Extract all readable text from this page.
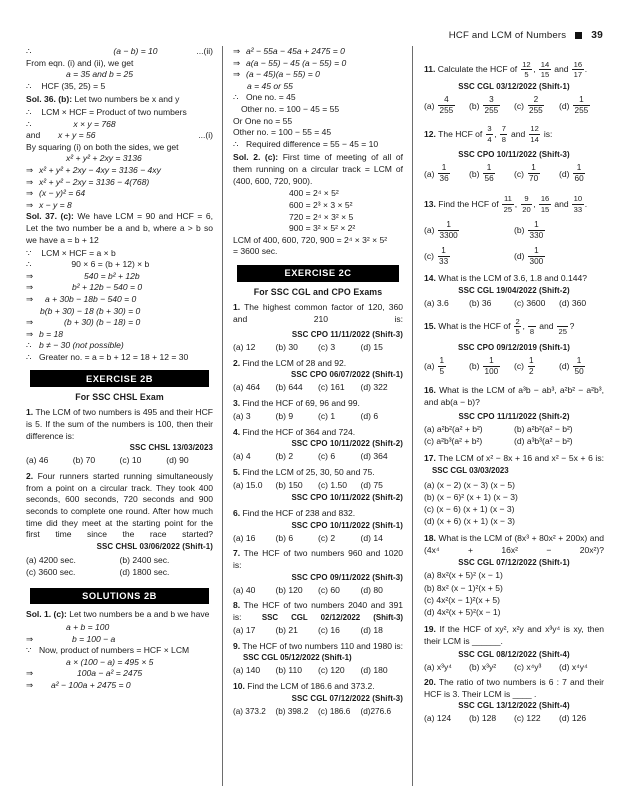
HCF and LCM of Numbers 39
∴	(a − b) = 10	...(ii)
From eqn. (i) and (ii), we get
a = 35 and b = 25
∴ HCF (35, 25) = 5
Sol. 36. (b): Let two numbers be x and y
∴ LCM × HCF = Product of two numbers
∴	x × y = 768
and x + y = 56	...(i)
By squaring (i) on both the sides, we get
x² + y² + 2xy = 3136
⇒ x² + y² + 2xy − 4xy = 3136 − 4xy
⇒ x² + y² − 2xy = 3136 − 4(768)
⇒ (x − y)² = 64
⇒ x − y = 8
Sol. 37. (c): We have LCM = 90 and HCF = 6, Let the two number be a and b, where a > b so we have a = b + 12
∵ LCM × HCF = a × b
∴	90 × 6 = (b + 12) × b
⇒	540 = b² + 12b
⇒	b² + 12b − 540 = 0
⇒ a + 30b − 18b − 540 = 0
b(b + 30) − 18 (b + 30) = 0
⇒	(b + 30) (b − 18) = 0
⇒ b = 18
∴ b ≠ − 30 (not possible)
∴ Greater no. = a = b + 12 = 18 + 12 = 30
EXERCISE 2B
For SSC CHSL Exam
1. The LCM of two numbers is 495 and their HCF is 5. If the sum of the numbers is 100, then their difference is:
SSC CHSL 13/03/2023
(a) 46	(b) 70	(c) 10	(d) 90
2. Four runners started running simultaneously from a point on a circular track. They took 400 seconds, 600 seconds, 720 seconds and 900 seconds to complete one round. After how much time did they meet at the starting point for the first time since the race started?
SSC CHSL 03/06/2022 (Shift-1)
(a) 4200 sec.	(b) 2400 sec.
(c) 3600 sec.	(d) 1800 sec.
SOLUTIONS 2B
Sol. 1. (c): Let two numbers be a and b we have
a + b = 100
⇒	b = 100 − a
∵ Now, product of numbers = HCF × LCM
a × (100 − a) = 495 × 5
⇒	100a − a² = 2475
⇒ a² − 100a + 2475 = 0
⇒ a² − 55a − 45a + 2475 = 0
⇒ a(a − 55) − 45 (a − 55) = 0
⇒ (a − 45)(a − 55) = 0
a = 45 or 55
∴ One no. = 45
Other no. = 100 − 45 = 55
Or One no = 55
Other no. = 100 − 55 = 45
∴ Required difference = 55 − 45 = 10
Sol. 2. (c): First time of meeting of all of them running on a circular track = LCM of (400, 600, 720, 900).
400 = 2⁴ × 5²
600 = 2³ × 3 × 5²
720 = 2⁴ × 3² × 5
900 = 3² × 5² × 2²
LCM of 400, 600, 720, 900 = 2⁴ × 3² × 5²
= 3600 sec.
EXERCISE 2C
For SSC CGL and CPO Exams
1. The highest common factor of 120, 360 and 210 is:
SSC CPO 11/11/2022 (Shift-3)
(a) 12	(b) 30	(c) 3	(d) 15
2. Find the LCM of 28 and 92.
SSC CPO 06/07/2022 (Shift-1)
(a) 464	(b) 644	(c) 161	(d) 322
3. Find the HCF of 69, 96 and 99.
(a) 3	(b) 9	(c) 1	(d) 6
4. Find the HCF of 364 and 724.
SSC CPO 10/11/2022 (Shift-2)
(a) 4	(b) 2	(c) 6	(d) 364
5. Find the LCM of 25, 30, 50 and 75.
(a) 15.0	(b) 150	(c) 1.50	(d) 75
SSC CPO 10/11/2022 (Shift-2)
6. Find the HCF of 238 and 832.
SSC CPO 10/11/2022 (Shift-1)
(a) 16	(b) 6	(c) 2	(d) 14
7. The HCF of two numbers 960 and 1020 is:
SSC CPO 09/11/2022 (Shift-3)
(a) 40	(b) 120	(c) 60	(d) 80
8. The HCF of two numbers 2040 and 391 is:	SSC CGL 02/12/2022 (Shift-3)
(a) 17	(b) 21	(c) 16	(d) 18
9. The HCF of two numbers 110 and 1980 is: SSC CGL 05/12/2022 (Shift-1)
(a) 140	(b) 110	(c) 120	(d) 180
10. Find the LCM of 186.6 and 373.2.
SSC CGL 07/12/2022 (Shift-3)
(a) 373.2	(b) 398.2	(c) 186.6	(d)276.6
11. Calculate the HCF of $\frac{12}{5}$ , $\frac{14}{15}$ and $\frac{16}{17}$ .
SSC CGL 03/12/2022 (Shift-1)
$(a) \frac{4}{255} (b) \frac{3}{255} (c) \frac{2}{255} (d) \frac{1}{255}$
12. The HCF of $\frac{3}{4}$ , $\frac{7}{8}$ and $\frac{12}{14}$ is:
SSC CPO 10/11/2022 (Shift-3)
$(a) \frac{1}{36} (b) \frac{1}{56} (c) \frac{1}{70} (d) \frac{1}{60}$
13. Find the HCF of $\frac{11}{25}$ , $\frac{9}{20}$ , $\frac{16}{15}$ and $\frac{10}{33}$ .
$(a) \frac{1}{3300}$	$(b) \frac{1}{330}$
$(c) \frac{1}{33}$	$(d) \frac{1}{300}$
14. What is the LCM of 3.6, 1.8 and 0.144?
SSC CGL 19/04/2022 (Shift-2)
(a) 3.6	(b) 36	(c) 3600	(d) 360
15. What is the HCF of $\frac{2}{5}$ ,

8
and

25
?
SSC CPO 09/12/2019 (Shift-1)
$(a) \frac{1}{5}$	$(b) \frac{1}{100} (c) \frac{1}{2}$	$(d) \frac{1}{50}$
16. What is the LCM of a³b − ab³, a²b² − a²b³, and ab(a − b)?
SSC CPO 11/11/2022 (Shift-2)
(a) a²b²(a² + b²)	(b) a²b²(a² − b²)
(c) a²b³(a² + b²)	(d) a³b³(a² − b²)
17. The LCM of x² − 8x + 16 and x² − 5x + 6 is: SSC CGL 03/03/2023
(a) (x − 2) (x − 3) (x − 5)
(b) (x − 6)² (x + 1) (x − 3)
(c) (x − 6) (x + 1) (x − 3)
(d) (x + 6) (x + 1) (x − 3)
18. What is the LCM of (8x³ + 80x² + 200x) and (4x⁴ + 16x² − 20x²)?
SSC CGL 07/12/2022 (Shift-1)
(a) 8x²(x + 5)² (x − 1)
(b) 8x² (x − 1)²(x + 5)
(c) 4x²(x − 1)²(x + 5)
(d) 4x²(x + 5)²(x − 1)
19. If the HCF of xy², x²y and x³y⁴ is xy, then their LCM is ______.
SSC CGL 08/12/2022 (Shift-4)
(a) x³y⁴	(b) x³y²	(c) x⁴y³	(d) x⁴y⁴
20. The ratio of two numbers is 6 : 7 and their HCF is 3. Their LCM is ____ .
SSC CGL 13/12/2022 (Shift-4)
(a) 124	(b) 128	(c) 122	(d) 126
